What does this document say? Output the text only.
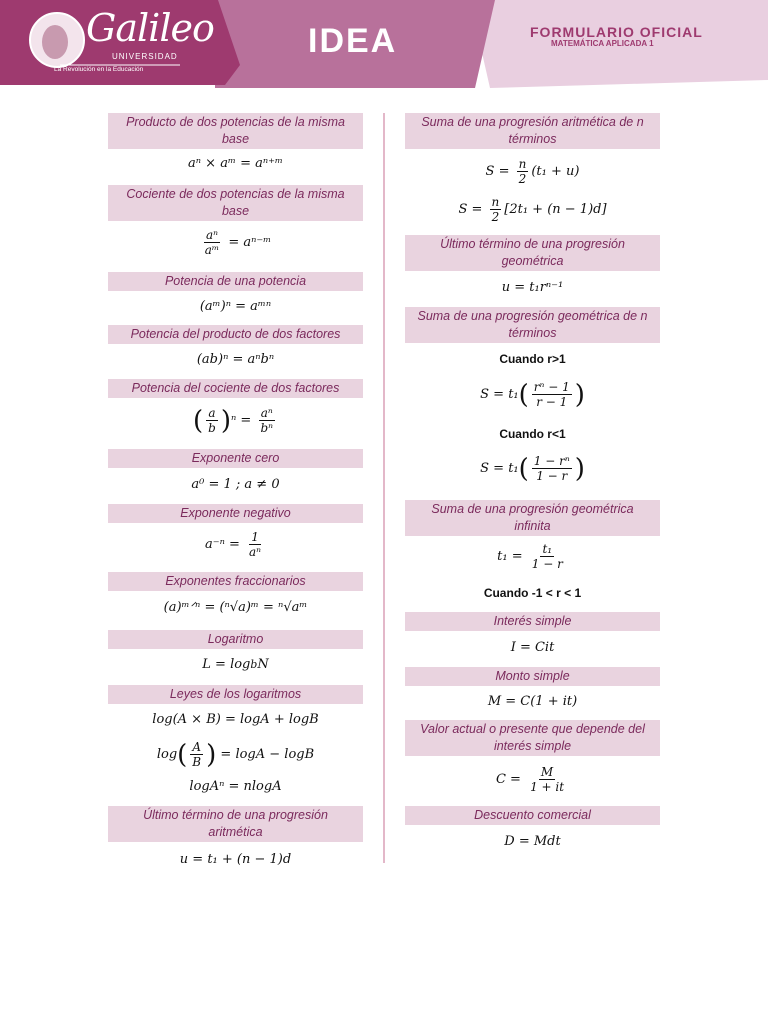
Galileo
UNIVERSIDAD
La Revolución en la Educación
IDEA	FORMULARIO OFICIAL
MATEMÁTICA APLICADA 1
Producto de dos potencias de la misma base
aⁿ × aᵐ = aⁿ⁺ᵐ
Cociente de dos potencias de la misma base
$\frac{\text{aⁿ}}{\text{aᵐ}}$ = aⁿ⁻ᵐ
Potencia de una potencia
(aᵐ)ⁿ = aᵐⁿ
Potencia del producto de dos factores
(ab)ⁿ = aⁿbⁿ
Potencia del cociente de dos factores
( $\frac{a}{b}$ ) $^n = \frac{\text{aⁿ}}{\text{bⁿ}}$
Exponente cero
a⁰ = 1 ; a ≠ 0
Exponente negativo
$a^{-n} = \frac{1}{\text{aⁿ}}$
Exponentes fraccionarios
(a)ᵐᐟⁿ = (ⁿ√a)ᵐ = ⁿ√aᵐ
Logaritmo
L = log b N
Leyes de los logaritmos
log(A × B) = logA + logB
log ( $\frac{A}{B}$ ) = logA − logB
logAⁿ = nlogA
Último término de una progresión aritmética
u = t₁ + (n − 1)d
Suma de una progresión aritmética de n términos
$S = \frac{n}{2} (t_1 + u)$
$S = \frac{n}{2} [2t_1 + (n - 1)d]$
Último término de una progresión geométrica
u = t₁rⁿ⁻¹
Suma de una progresión geométrica de n términos
Cuando r>1
S = t₁ ( $\frac{\text{rⁿ − 1}}{r - 1}$ )
Cuando r<1
S = t₁ ( $\frac{\text{1 − rⁿ}}{1 - r}$ )
Suma de una progresión geométrica infinita
$t_1 = \frac{\text{t₁}}{1 - r}$
Cuando -1 < r < 1
Interés simple
I = Cit
Monto simple
M = C(1 + it)
Valor actual o presente que depende del interés simple
$C = \frac{M}{1 + it}$
Descuento comercial
D = Mdt
